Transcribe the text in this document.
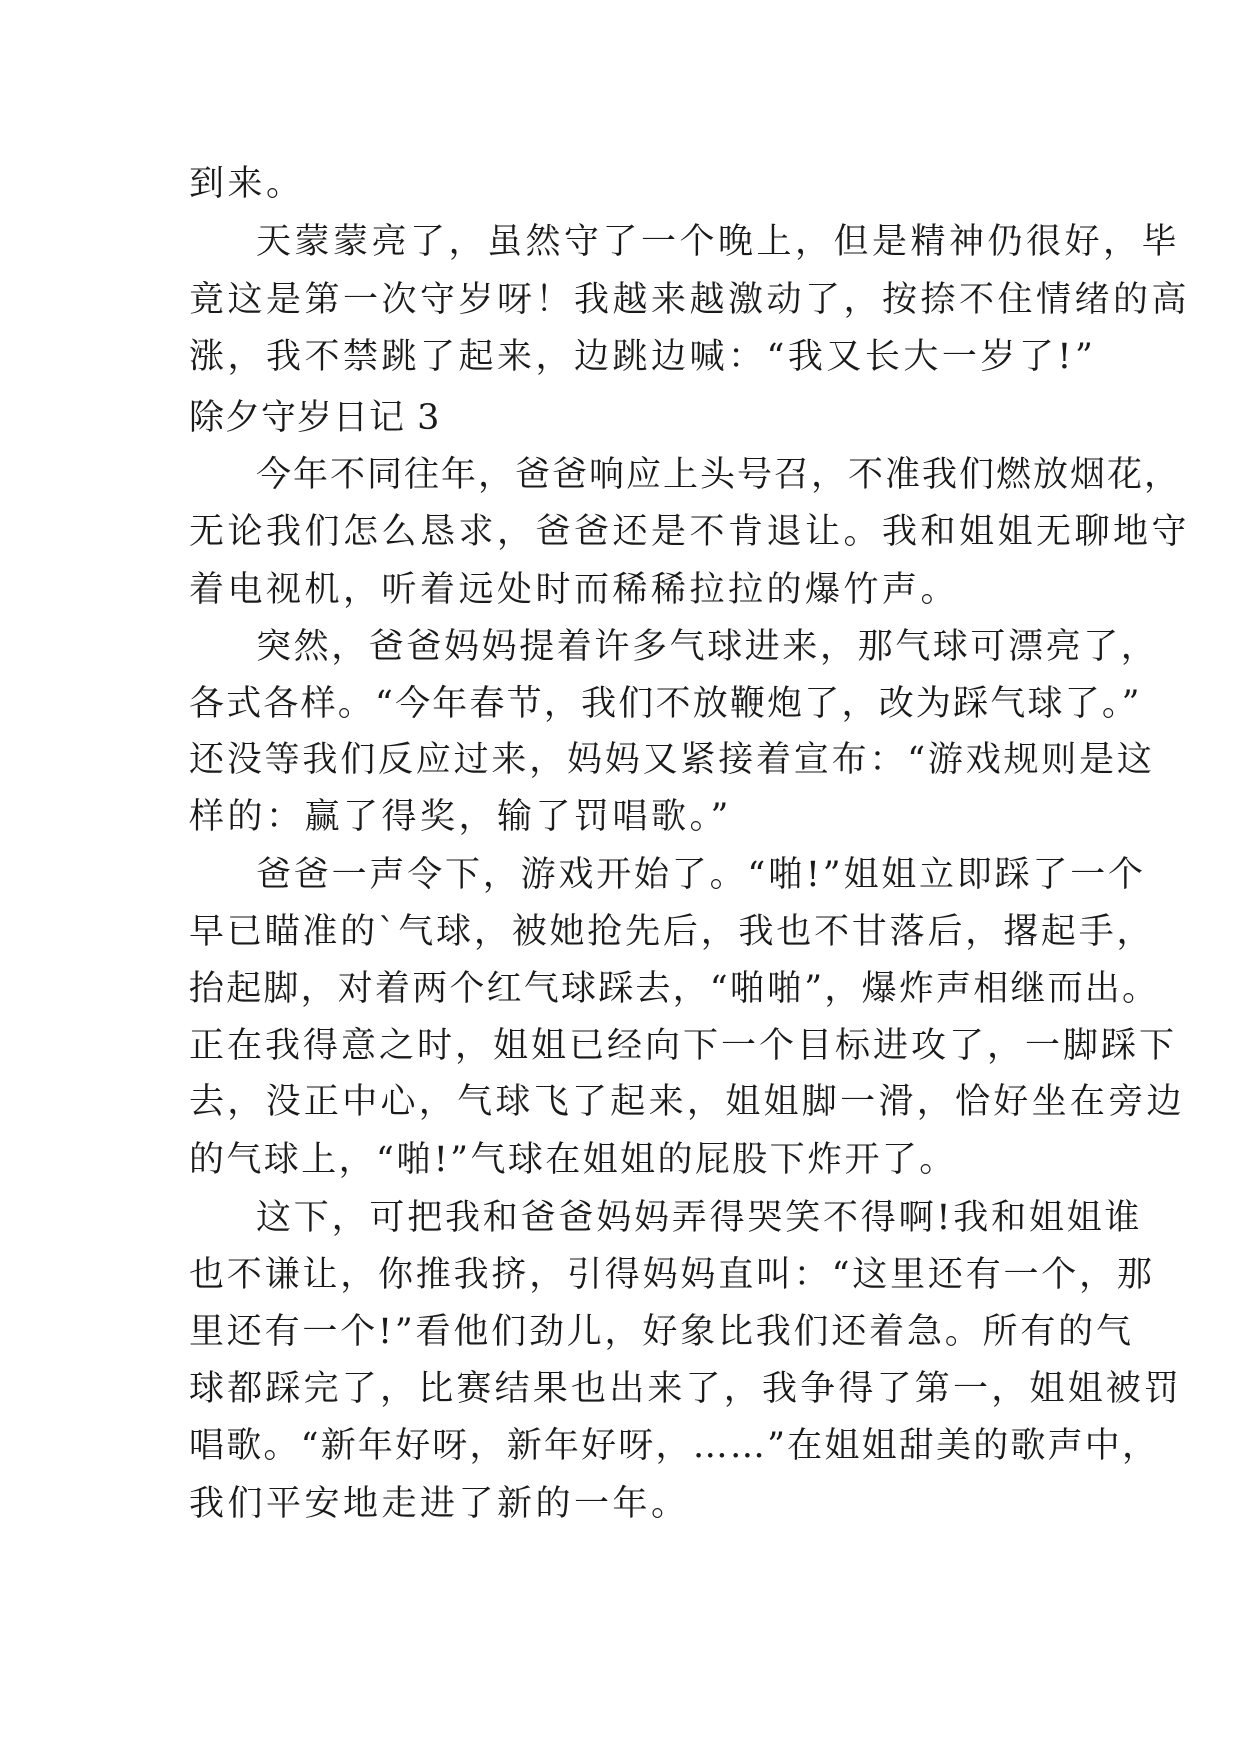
到来。
天蒙蒙亮了，虽然守了一个晚上，但是精神仍很好，毕
竟这是第一次守岁呀！我越来越激动了，按捺不住情绪的高
涨，我不禁跳了起来，边跳边喊：“我又长大一岁了!”
除夕守岁日记 3
今年不同往年，爸爸响应上头号召，不准我们燃放烟花，
无论我们怎么恳求，爸爸还是不肯退让。我和姐姐无聊地守
着电视机，听着远处时而稀稀拉拉的爆竹声。
突然，爸爸妈妈提着许多气球进来，那气球可漂亮了，
各式各样。“今年春节，我们不放鞭炮了，改为踩气球了。”
还没等我们反应过来，妈妈又紧接着宣布：“游戏规则是这
样的：赢了得奖，输了罚唱歌。”
爸爸一声令下，游戏开始了。“啪!”姐姐立即踩了一个
早已瞄准的`气球，被她抢先后，我也不甘落后，撂起手，
抬起脚，对着两个红气球踩去，“啪啪”，爆炸声相继而出。
正在我得意之时，姐姐已经向下一个目标进攻了，一脚踩下
去，没正中心，气球飞了起来，姐姐脚一滑，恰好坐在旁边
的气球上，“啪!”气球在姐姐的屁股下炸开了。
这下，可把我和爸爸妈妈弄得哭笑不得啊!我和姐姐谁
也不谦让，你推我挤，引得妈妈直叫：“这里还有一个，那
里还有一个!”看他们劲儿，好象比我们还着急。所有的气
球都踩完了，比赛结果也出来了，我争得了第一，姐姐被罚
唱歌。“新年好呀，新年好呀，……”在姐姐甜美的歌声中，
我们平安地走进了新的一年。
